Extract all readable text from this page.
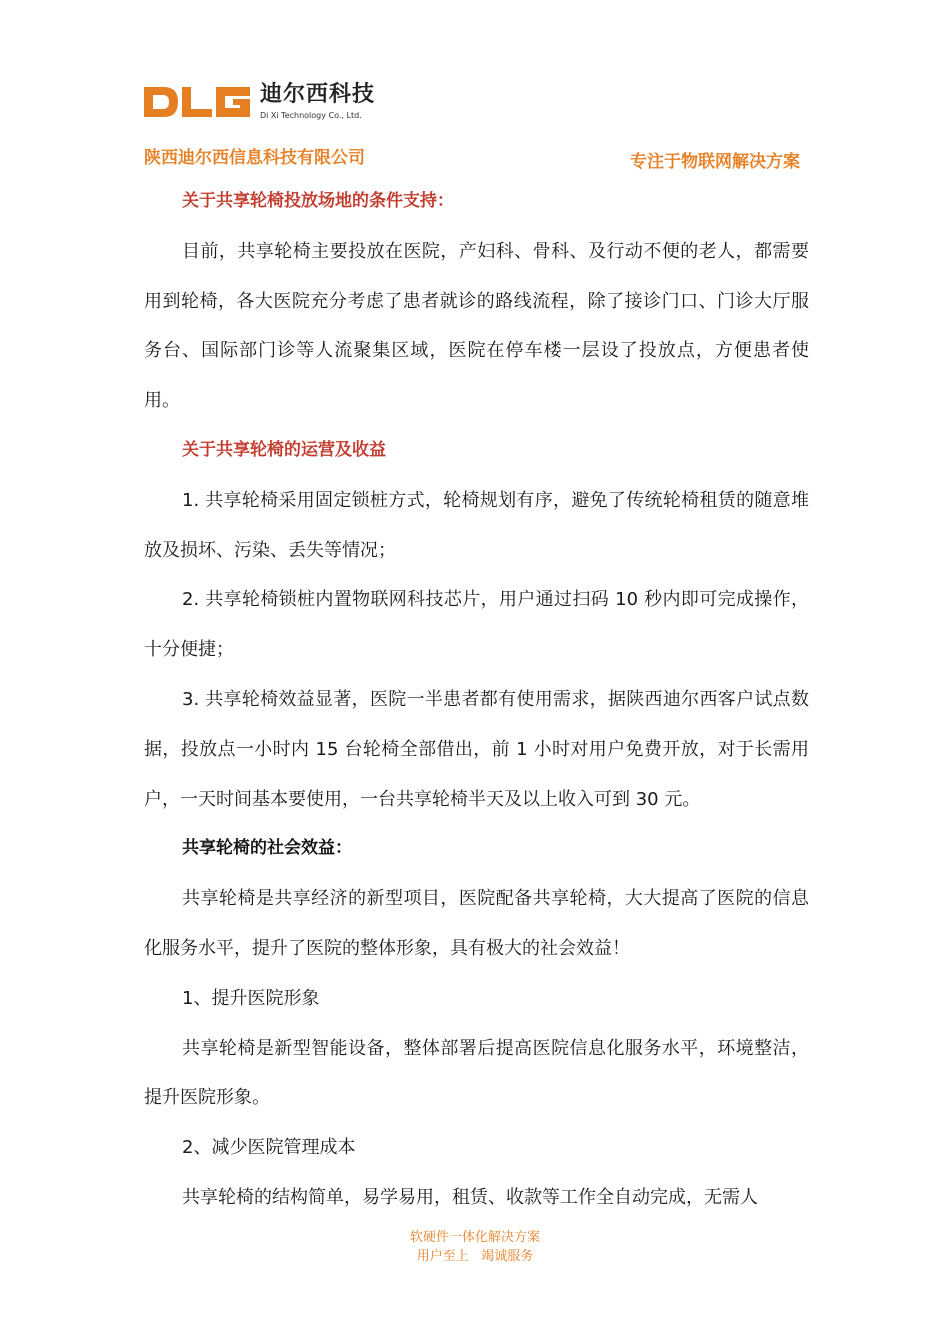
迪尔西科技
Di Xi Technology Co., Ltd.
陕西迪尔西信息科技有限公司	专注于物联网解决方案

关于共享轮椅投放场地的条件支持：

目前，共享轮椅主要投放在医院，产妇科、骨科、及行动不便的老人，都需要用到轮椅，各大医院充分考虑了患者就诊的路线流程，除了接诊门口、门诊大厅服务台、国际部门诊等人流聚集区域，医院在停车楼一层设了投放点，方便患者使用。

关于共享轮椅的运营及收益

1. 共享轮椅采用固定锁桩方式，轮椅规划有序，避免了传统轮椅租赁的随意堆放及损坏、污染、丢失等情况；

2. 共享轮椅锁桩内置物联网科技芯片，用户通过扫码 10 秒内即可完成操作，十分便捷；

3. 共享轮椅效益显著，医院一半患者都有使用需求，据陕西迪尔西客户试点数据，投放点一小时内 15 台轮椅全部借出，前 1 小时对用户免费开放，对于长需用户，一天时间基本要使用，一台共享轮椅半天及以上收入可到 30 元。

共享轮椅的社会效益：

共享轮椅是共享经济的新型项目，医院配备共享轮椅，大大提高了医院的信息化服务水平，提升了医院的整体形象，具有极大的社会效益！

1、提升医院形象

共享轮椅是新型智能设备，整体部署后提高医院信息化服务水平，环境整洁，提升医院形象。

2、减少医院管理成本

共享轮椅的结构简单，易学易用，租赁、收款等工作全自动完成，无需人

软硬件一体化解决方案
用户至上   竭诚服务
